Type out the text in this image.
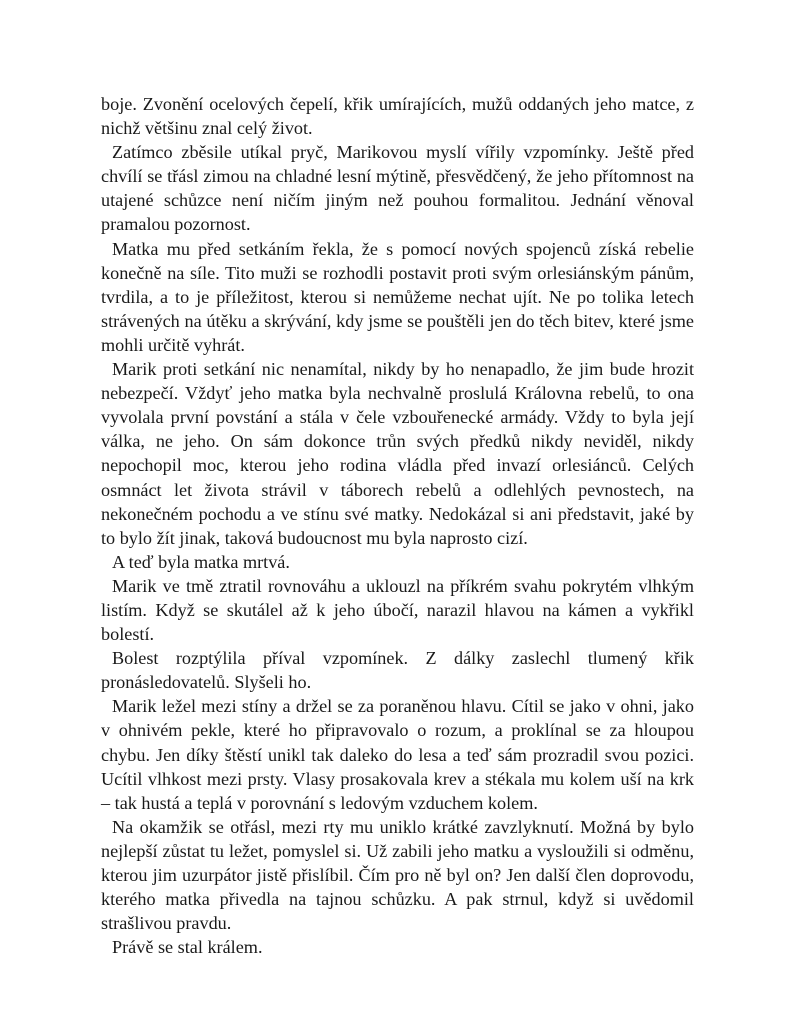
boje. Zvonění ocelových čepelí, křik umírajících, mužů oddaných jeho matce, z nichž většinu znal celý život.

Zatímco zběsile utíkal pryč, Marikovou myslí vířily vzpomínky. Ještě před chvílí se třásl zimou na chladné lesní mýtině, přesvědčený, že jeho přítomnost na utajené schůzce není ničím jiným než pouhou formalitou. Jednání věnoval pramalou pozornost.

Matka mu před setkáním řekla, že s pomocí nových spojenců získá rebelie konečně na síle. Tito muži se rozhodli postavit proti svým orlesiánským pánům, tvrdila, a to je příležitost, kterou si nemůžeme nechat ujít. Ne po tolika letech strávených na útěku a skrývání, kdy jsme se pouštěli jen do těch bitev, které jsme mohli určitě vyhrát.

Marik proti setkání nic nenamítal, nikdy by ho nenapadlo, že jim bude hrozit nebezpečí. Vždyť jeho matka byla nechvalně proslulá Královna rebelů, to ona vyvolala první povstání a stála v čele vzbouřenecké armády. Vždy to byla její válka, ne jeho. On sám dokonce trůn svých předků nikdy neviděl, nikdy nepochopil moc, kterou jeho rodina vládla před invazí orlesiánců. Celých osmnáct let života strávil v táborech rebelů a odlehlých pevnostech, na nekonečném pochodu a ve stínu své matky. Nedokázal si ani představit, jaké by to bylo žít jinak, taková budoucnost mu byla naprosto cizí.

A teď byla matka mrtvá.

Marik ve tmě ztratil rovnováhu a uklouzl na příkrém svahu pokrytém vlhkým listím. Když se skutálel až k jeho úbočí, narazil hlavou na kámen a vykřikl bolestí.

Bolest rozptýlila příval vzpomínek. Z dálky zaslechl tlumený křik pronásledovatelů. Slyšeli ho.

Marik ležel mezi stíny a držel se za poraněnou hlavu. Cítil se jako v ohni, jako v ohnivém pekle, které ho připravovalo o rozum, a proklínal se za hloupou chybu. Jen díky štěstí unikl tak daleko do lesa a teď sám prozradil svou pozici. Ucítil vlhkost mezi prsty. Vlasy prosakovala krev a stékala mu kolem uší na krk – tak hustá a teplá v porovnání s ledovým vzduchem kolem.

Na okamžik se otřásl, mezi rty mu uniklo krátké zavzlyknutí. Možná by bylo nejlepší zůstat tu ležet, pomyslel si. Už zabili jeho matku a vysloužili si odměnu, kterou jim uzurpátor jistě přislíbil. Čím pro ně byl on? Jen další člen doprovodu, kterého matka přivedla na tajnou schůzku. A pak strnul, když si uvědomil strašlivou pravdu.

Právě se stal králem.
